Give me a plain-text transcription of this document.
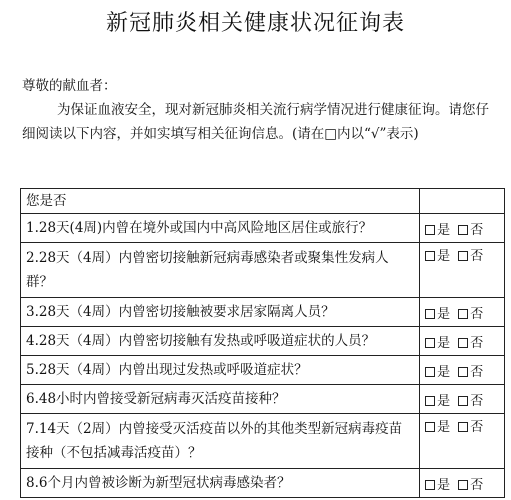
新冠肺炎相关健康状况征询表
尊敬的献血者：
为保证血液安全，现对新冠肺炎相关流行病学情况进行健康征询。请您仔细阅读以下内容，并如实填写相关征询信息。(请在□内以“√”表示)
您是否	
1.28天(4周)内曾在境外或国内中高风险地区居住或旅行？	是 否
2.28天（4周）内曾密切接触新冠病毒感染者或聚集性发病人群？	是 否
3.28天（4周）内曾密切接触被要求居家隔离人员？	是 否
4.28天（4周）内曾密切接触有发热或呼吸道症状的人员？	是 否
5.28天（4周）内曾出现过发热或呼吸道症状？	是 否
6.48小时内曾接受新冠病毒灭活疫苗接种？	是 否
7.14天（2周）内曾接受灭活疫苗以外的其他类型新冠病毒疫苗接种（不包括减毒活疫苗）？	是 否
8.6个月内曾被诊断为新型冠状病毒感染者？	是 否
